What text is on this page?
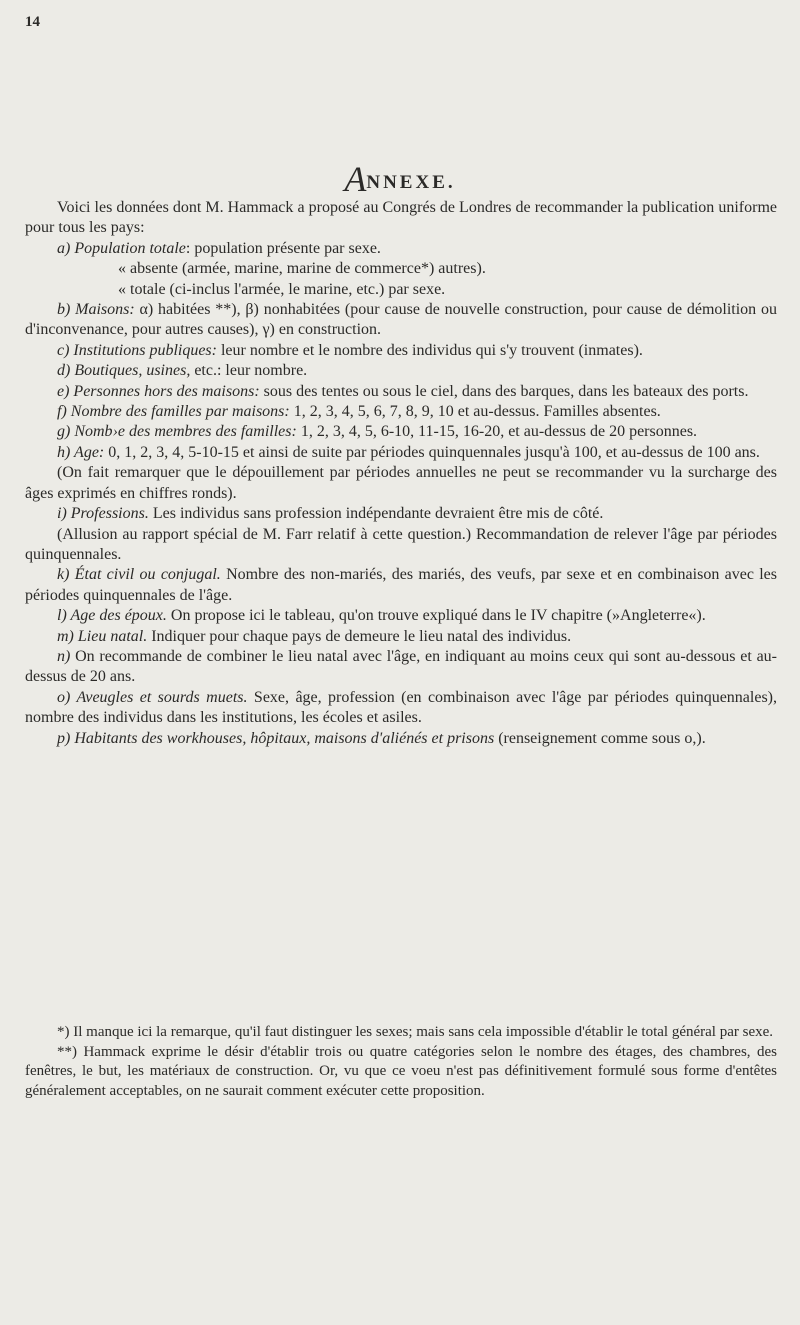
14
ANNEXE.

Voici les données dont M. Hammack a proposé au Congrés de Londres de recommander la publication uniforme pour tous les pays:

a) Population totale: population présente par sexe.

« absente (armée, marine, marine de commerce*) autres).

« totale (ci-inclus l'armée, le marine, etc.) par sexe.

b) Maisons: α) habitées **), β) nonhabitées (pour cause de nouvelle construction, pour cause de démolition ou d'inconvenance, pour autres causes), γ) en construction.

c) Institutions publiques: leur nombre et le nombre des individus qui s'y trouvent (inmates).

d) Boutiques, usines, etc.: leur nombre.

e) Personnes hors des maisons: sous des tentes ou sous le ciel, dans des barques, dans les bateaux des ports.

f) Nombre des familles par maisons: 1, 2, 3, 4, 5, 6, 7, 8, 9, 10 et au-dessus. Familles absentes.

g) Nomb›e des membres des familles: 1, 2, 3, 4, 5, 6-10, 11-15, 16-20, et au-dessus de 20 personnes.

h) Age: 0, 1, 2, 3, 4, 5-10-15 et ainsi de suite par périodes quinquennales jusqu'à 100, et au-dessus de 100 ans.

(On fait remarquer que le dépouillement par périodes annuelles ne peut se recommander vu la surcharge des âges exprimés en chiffres ronds).

i) Professions. Les individus sans profession indépendante devraient être mis de côté.

(Allusion au rapport spécial de M. Farr relatif à cette question.) Recommandation de relever l'âge par périodes quinquennales.

k) État civil ou conjugal. Nombre des non-mariés, des mariés, des veufs, par sexe et en combinaison avec les périodes quinquennales de l'âge.

l) Age des époux. On propose ici le tableau, qu'on trouve expliqué dans le IV chapitre (»Angleterre«).

m) Lieu natal. Indiquer pour chaque pays de demeure le lieu natal des individus.

n) On recommande de combiner le lieu natal avec l'âge, en indiquant au moins ceux qui sont au-dessous et au-dessus de 20 ans.

o) Aveugles et sourds muets. Sexe, âge, profession (en combinaison avec l'âge par périodes quinquennales), nombre des individus dans les institutions, les écoles et asiles.

p) Habitants des workhouses, hôpitaux, maisons d'aliénés et prisons (renseignement comme sous o,).

*) Il manque ici la remarque, qu'il faut distinguer les sexes; mais sans cela impossible d'établir le total général par sexe.

**) Hammack exprime le désir d'établir trois ou quatre catégories selon le nombre des étages, des chambres, des fenêtres, le but, les matériaux de construction. Or, vu que ce voeu n'est pas définitivement formulé sous forme d'entêtes généralement acceptables, on ne saurait comment exécuter cette proposition.
